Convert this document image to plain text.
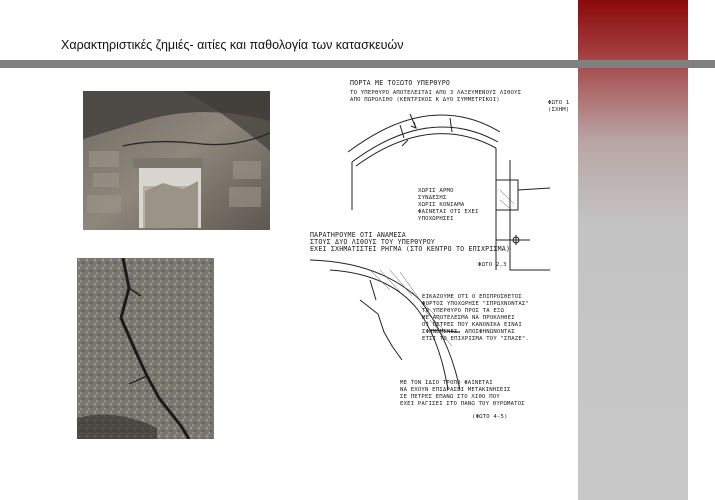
Χαρακτηριστικές ζημιές- αιτίες και παθολογία των κατασκευών
ΠΟΡΤΑ ΜΕ ΤΟΞΩΤΟ ΥΠΕΡΘΥΡΟ
ΤΟ ΥΠΕΡΘΥΡΟ ΑΠΟΤΕΛΕΙΤΑΙ ΑΠΟ 3 ΛΑΞΕΥΜΕΝΟΥΣ ΛΙΘΟΥΣ
ΑΠΟ ΠΩΡΟΛΙΘΟ (ΚΕΝΤΡΙΚΟΣ Κ ΔΥΟ ΣΥΜΜΕΤΡΙΚΟΙ)	ΦΩΤΟ 1
(ΣΧΗΜ)
ΧΩΡΙΣ ΑΡΜΟ
ΣΥΝΔΕΣΗΣ
ΧΩΡΙΣ ΚΟΝΙΑΜΑ
ΦΑΙΝΕΤΑΙ ΟΤΙ ΕΧΕΙ
ΥΠΟΧΩΡΗΣΕΙ
ΠΑΡΑΤΗΡΟΥΜΕ ΟΤΙ ΑΝΑΜΕΣΑ
ΣΤΟΥΣ ΔΥΟ ΛΙΘΟΥΣ ΤΟΥ ΥΠΕΡΘΥΡΟΥ
ΕΧΕΙ ΣΧΗΜΑΤΙΣΤΕΙ ΡΗΓΜΑ (ΣΤΟ ΚΕΝΤΡΟ ΤΟ ΕΠΙΧΡΙΣΜΑ)
ΦΩΤΟ 2,3
ΕΙΚΑΖΟΥΜΕ ΟΤΙ Ο ΕΠΙΠΡΟΣΘΕΤΟΣ
ΦΟΡΤΟΣ ΥΠΟΧΩΡΗΣΕ "ΣΠΡΩΧΝΟΝΤΑΣ"
ΤΟ ΥΠΕΡΘΥΡΟ ΠΡΟΣ ΤΑ ΕΞΩ
ΜΕ ΑΠΟΤΕΛΕΣΜΑ ΝΑ ΠΡΟΚΛΗΘΕΙ
ΟΙ ΠΕΤΡΕΣ ΠΟΥ ΚΑΝΟΝΙΚΑ ΕΙΝΑΙ
ΣΦΗΝΩΜΕΝΕΣ, ΑΠΟΣΦΗΝΩΝΟΝΤΑΣ
ΕΤΣΙ ΤΟ ΕΠΙΧΡΙΣΜΑ ΤΟΥ "ΣΠΑΖΕ".
ΜΕ ΤΟΝ ΙΔΙΟ ΤΡΟΠΟ ΦΑΙΝΕΤΑΙ
ΝΑ ΕΧΟΥΝ ΕΠΙΔΡΑΣΕΙ ΜΕΤΑΚΙΝΗΣΕΙΣ
ΣΕ ΠΕΤΡΕΣ ΕΠΑΝΩ ΣΤΟ ΛΙΘΟ ΠΟΥ
ΕΧΕΙ ΡΑΓΙΣΕΙ ΣΤΟ ΠΑΝΩ ΤΟΥ ΘΥΡΩΜΑΤΟΣ
(ΦΩΤΟ 4-5)
